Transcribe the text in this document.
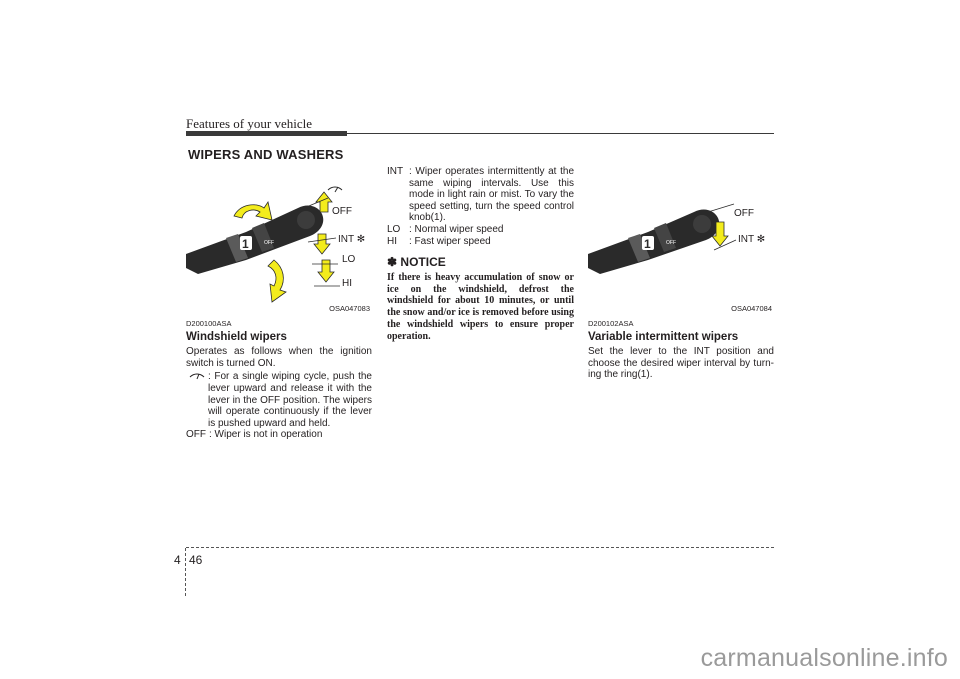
Features of your vehicle
WIPERS AND WASHERS
1	OFF
OFF
INT ✻
LO
HI
OSA047083
D200100ASA
Windshield wipers
Operates as follows when the ignition switch is turned ON.
: For a single wiping cycle, push the lever upward and release it with the lever in the OFF position. The wipers will operate continuously if the lever is pushed upward and held.
OFF : Wiper is not in operation
INT : Wiper operates intermittently at the same wiping intervals. Use this mode in light rain or mist. To vary the speed setting, turn the speed control knob(1).
LO : Normal wiper speed
HI	: Fast wiper speed
✽ NOTICE
If there is heavy accumulation of snow or ice on the windshield, defrost the windshield for about 10 minutes, or until the snow and/or ice is removed before using the windshield wipers to ensure proper operation.
1	OFF
OFF
INT ✻
OSA047084
D200102ASA
Variable intermittent wipers
Set the lever to the INT position and choose the desired wiper interval by turn-ing the ring(1).
4 46
carmanualsonline.info
